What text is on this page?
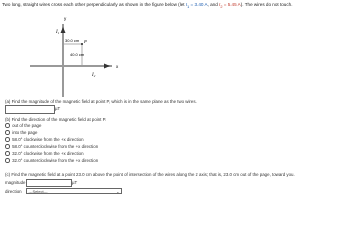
Two long, straight wires cross each other perpendicularly as shown in the figure below (let $I_1 = 3.40$ A, and $I_2 = 5.45$ A). The wires do not touch.
y
x
I₁
I₂
30.0 cm
40.0 cm
P
(a) Find the magnitude of the magnetic field at point P, which is in the same plane as the two wires.
µT
(b) Find the direction of the magnetic field at point P.
out of the page
into the page
58.0° clockwise from the +x direction
58.0° counterclockwise from the +x direction
32.0° clockwise from the +x direction
32.0° counterclockwise from the +x direction
(c) Find the magnetic field at a point 23.0 cm above the point of intersection of the wires along the z axis; that is, 23.0 cm out of the page, toward you.
magnitude	µT
direction	---Select---	⌄
